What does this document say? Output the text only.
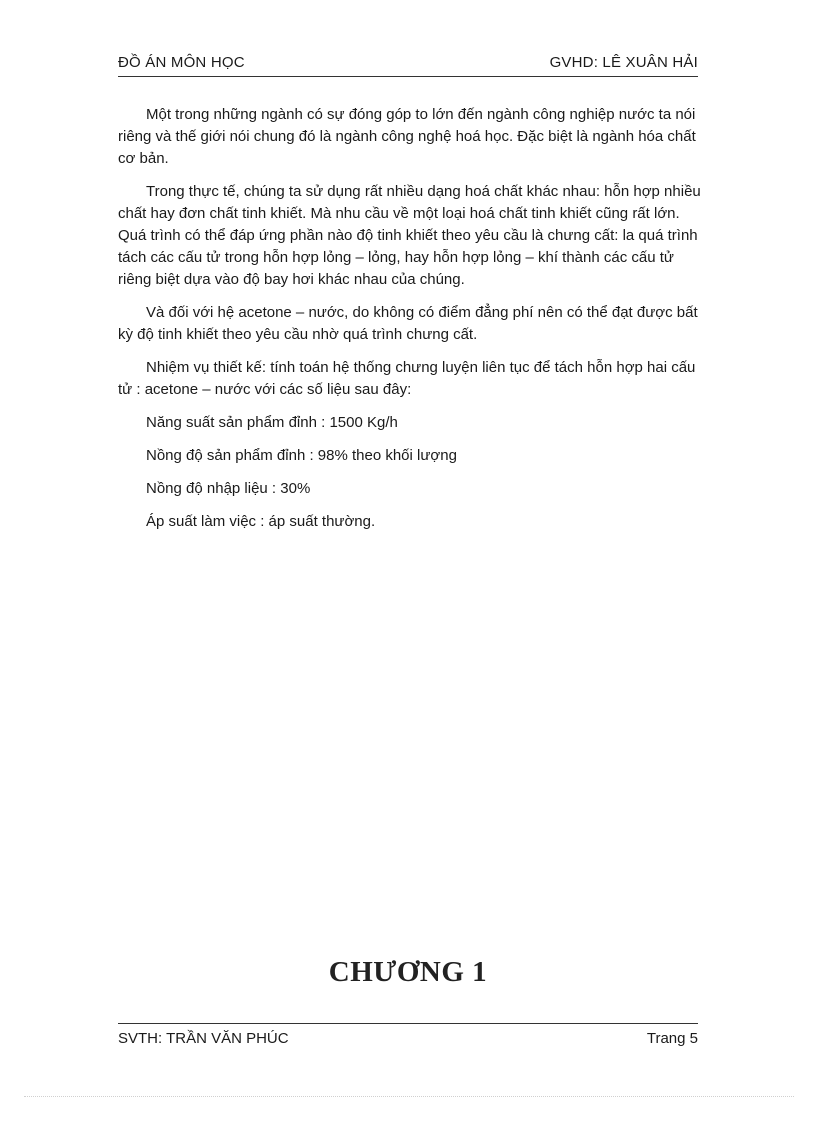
ĐỒ ÁN MÔN HỌC	GVHD: LÊ XUÂN HẢI

Một trong những ngành có sự đóng góp to lớn đến ngành công nghiệp nước ta nói riêng và thế giới nói chung đó là ngành công nghệ hoá học. Đặc biệt là ngành hóa chất cơ bản.

Trong thực tế, chúng ta sử dụng rất nhiều dạng hoá chất khác nhau: hỗn hợp nhiều chất hay đơn chất tinh khiết. Mà nhu cầu về một loại hoá chất tinh khiết cũng rất lớn. Quá trình có thể đáp ứng phần nào độ tinh khiết theo yêu cầu là chưng cất: la quá trình tách các cấu tử trong hỗn hợp lỏng – lỏng, hay hỗn hợp lỏng – khí thành các cấu tử riêng biệt dựa vào độ bay hơi khác nhau của chúng.

Và đối với hệ acetone – nước, do không có điểm đẳng phí nên có thể đạt được bất kỳ độ tinh khiết theo yêu cầu nhờ quá trình chưng cất.

Nhiệm vụ thiết kế: tính toán hệ thống chưng luyện liên tục để tách hỗn hợp hai cấu tử : acetone – nước với các số liệu sau đây:

Năng suất sản phẩm đỉnh : 1500 Kg/h

Nồng độ sản phẩm đỉnh : 98% theo khối lượng

Nồng độ nhập liệu : 30%

Áp suất làm việc : áp suất thường.

CHƯƠNG 1
SVTH: TRẦN VĂN PHÚC	Trang 5
